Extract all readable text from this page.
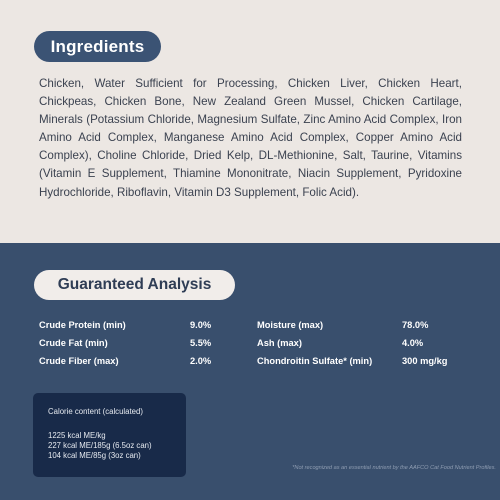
Ingredients

Chicken, Water Sufficient for Processing, Chicken Liver, Chicken Heart, Chickpeas, Chicken Bone, New Zealand Green Mussel, Chicken Cartilage, Minerals (Potassium Chloride, Magnesium Sulfate, Zinc Amino Acid Complex, Iron Amino Acid Complex, Manganese Amino Acid Complex, Copper Amino Acid Complex), Choline Chloride, Dried Kelp, DL-Methionine, Salt, Taurine, Vitamins (Vitamin E Supplement, Thiamine Mononitrate, Niacin Supplement, Pyridoxine Hydrochloride, Riboflavin, Vitamin D3 Supplement, Folic Acid).

Guaranteed Analysis
Crude Protein (min)	9.0%	Moisture (max)	78.0%
Crude Fat (min)	5.5%	Ash (max)	4.0%
Crude Fiber (max)	2.0%	Chondroitin Sulfate* (min)	300 mg/kg
Calorie content (calculated)
1225 kcal ME/kg
227 kcal ME/185g (6.5oz can)
104 kcal ME/85g (3oz can)
*Not recognized as an essential nutrient by the AAFCO Cat Food Nutrient Profiles.
